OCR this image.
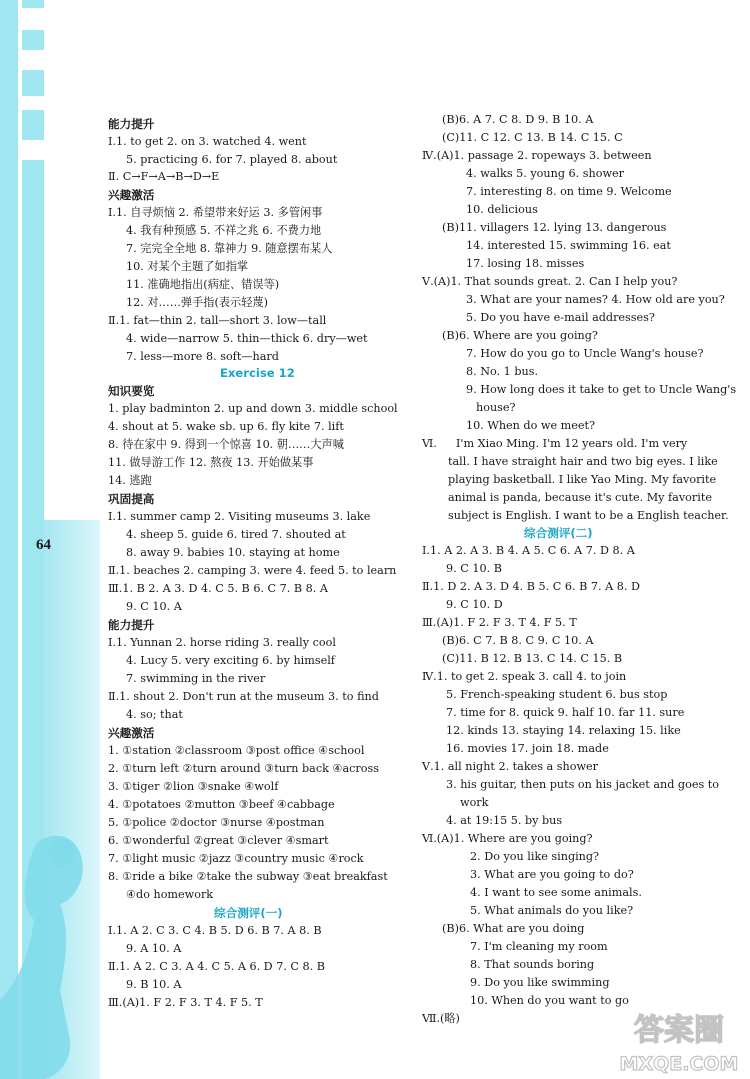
64
能力提升
Ⅰ.1. to get 2. on 3. watched 4. went
5. practicing 6. for 7. played 8. about
Ⅱ. C→F→A→B→D→E
兴趣激活
Ⅰ.1. 自寻烦恼 2. 希望带来好运 3. 多管闲事
4. 我有种预感 5. 不祥之兆 6. 不费力地
7. 完完全全地 8. 靠神力 9. 随意摆布某人
10. 对某个主题了如指掌
11. 准确地指出(病症、错误等)
12. 对……弹手指(表示轻蔑)
Ⅱ.1. fat—thin 2. tall—short 3. low—tall
4. wide—narrow 5. thin—thick 6. dry—wet
7. less—more 8. soft—hard
Exercise 12
知识要览
1. play badminton 2. up and down 3. middle school
4. shout at 5. wake sb. up 6. fly kite 7. lift
8. 待在家中 9. 得到一个惊喜 10. 朝……大声喊
11. 做导游工作 12. 熬夜 13. 开始做某事
14. 逃跑
巩固提高
Ⅰ.1. summer camp 2. Visiting museums 3. lake
4. sheep 5. guide 6. tired 7. shouted at
8. away 9. babies 10. staying at home
Ⅱ.1. beaches 2. camping 3. were 4. feed 5. to learn
Ⅲ.1. B 2. A 3. D 4. C 5. B 6. C 7. B 8. A
9. C 10. A
能力提升
Ⅰ.1. Yunnan 2. horse riding 3. really cool
4. Lucy 5. very exciting 6. by himself
7. swimming in the river
Ⅱ.1. shout 2. Don't run at the museum 3. to find
4. so; that
兴趣激活
1. ①station ②classroom ③post office ④school
2. ①turn left ②turn around ③turn back ④across
3. ①tiger ②lion ③snake ④wolf
4. ①potatoes ②mutton ③beef ④cabbage
5. ①police ②doctor ③nurse ④postman
6. ①wonderful ②great ③clever ④smart
7. ①light music ②jazz ③country music ④rock
8. ①ride a bike ②take the subway ③eat breakfast
④do homework
综合测评(一)
Ⅰ.1. A 2. C 3. C 4. B 5. D 6. B 7. A 8. B
9. A 10. A
Ⅱ.1. A 2. C 3. A 4. C 5. A 6. D 7. C 8. B
9. B 10. A
Ⅲ.(A)1. F 2. F 3. T 4. F 5. T
(B)6. A 7. C 8. D 9. B 10. A
(C)11. C 12. C 13. B 14. C 15. C
Ⅳ.(A)1. passage 2. ropeways 3. between
4. walks 5. young 6. shower
7. interesting 8. on time 9. Welcome
10. delicious
(B)11. villagers 12. lying 13. dangerous
14. interested 15. swimming 16. eat
17. losing 18. misses
Ⅴ.(A)1. That sounds great. 2. Can I help you?
3. What are your names? 4. How old are you?
5. Do you have e-mail addresses?
(B)6. Where are you going?
7. How do you go to Uncle Wang's house?
8. No. 1 bus.
9. How long does it take to get to Uncle Wang's
house?
10. When do we meet?
Ⅵ. I'm Xiao Ming. I'm 12 years old. I'm very
tall. I have straight hair and two big eyes. I like
playing basketball. I like Yao Ming. My favorite
animal is panda, because it's cute. My favorite
subject is English. I want to be a English teacher.
综合测评(二)
Ⅰ.1. A 2. A 3. B 4. A 5. C 6. A 7. D 8. A
9. C 10. B
Ⅱ.1. D 2. A 3. D 4. B 5. C 6. B 7. A 8. D
9. C 10. D
Ⅲ.(A)1. F 2. F 3. T 4. F 5. T
(B)6. C 7. B 8. C 9. C 10. A
(C)11. B 12. B 13. C 14. C 15. B
Ⅳ.1. to get 2. speak 3. call 4. to join
5. French-speaking student 6. bus stop
7. time for 8. quick 9. half 10. far 11. sure
12. kinds 13. staying 14. relaxing 15. like
16. movies 17. join 18. made
Ⅴ.1. all night 2. takes a shower
3. his guitar, then puts on his jacket and goes to
work
4. at 19:15 5. by bus
Ⅵ.(A)1. Where are you going?
2. Do you like singing?
3. What are you going to do?
4. I want to see some animals.
5. What animals do you like?
(B)6. What are you doing
7. I'm cleaning my room
8. That sounds boring
9. Do you like swimming
10. When do you want to go
Ⅶ.(略)	答案圈
MXQE.COM
